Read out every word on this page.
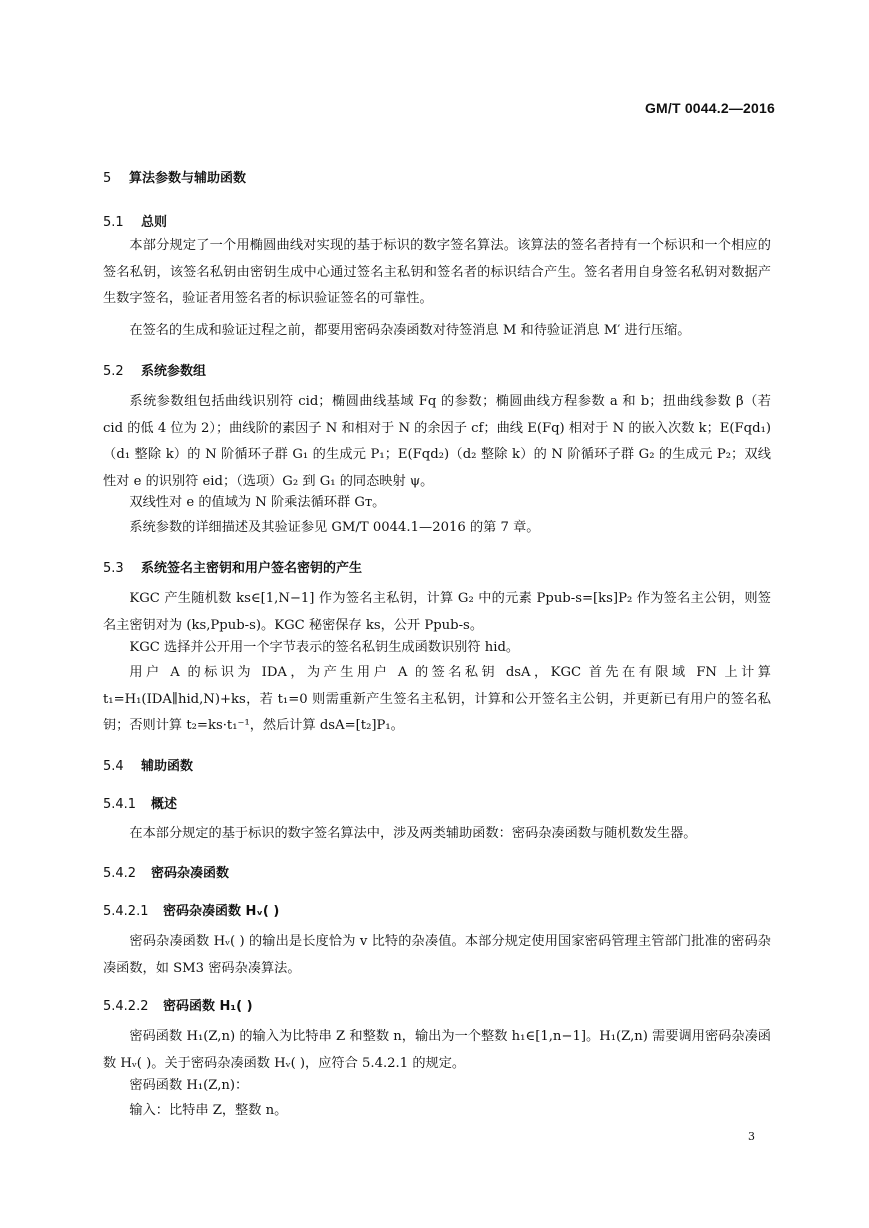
GM/T 0044.2—2016
5 算法参数与辅助函数
5.1 总则

本部分规定了一个用椭圆曲线对实现的基于标识的数字签名算法。该算法的签名者持有一个标识和一个相应的签名私钥，该签名私钥由密钥生成中心通过签名主私钥和签名者的标识结合产生。签名者用自身签名私钥对数据产生数字签名，验证者用签名者的标识验证签名的可靠性。

在签名的生成和验证过程之前，都要用密码杂凑函数对待签消息 M 和待验证消息 M′ 进行压缩。

5.2 系统参数组

系统参数组包括曲线识别符 cid；椭圆曲线基域 Fq 的参数；椭圆曲线方程参数 a 和 b；扭曲线参数 β（若 cid 的低 4 位为 2）；曲线阶的素因子 N 和相对于 N 的余因子 cf；曲线 E(Fq) 相对于 N 的嵌入次数 k；E(Fqd₁)（d₁ 整除 k）的 N 阶循环子群 G₁ 的生成元 P₁；E(Fqd₂)（d₂ 整除 k）的 N 阶循环子群 G₂ 的生成元 P₂；双线性对 e 的识别符 eid；（选项）G₂ 到 G₁ 的同态映射 ψ。

双线性对 e 的值域为 N 阶乘法循环群 Gᴛ。

系统参数的详细描述及其验证参见 GM/T 0044.1—2016 的第 7 章。

5.3 系统签名主密钥和用户签名密钥的产生

KGC 产生随机数 ks∈[1,N−1] 作为签名主私钥，计算 G₂ 中的元素 Ppub-s=[ks]P₂ 作为签名主公钥，则签名主密钥对为 (ks,Ppub-s)。KGC 秘密保存 ks，公开 Ppub-s。

KGC 选择并公开用一个字节表示的签名私钥生成函数识别符 hid。

用户 A 的标识为 IDA，为产生用户 A 的签名私钥 dsA，KGC 首先在有限域 FN 上计算 t₁=H₁(IDA∥hid,N)+ks，若 t₁=0 则需重新产生签名主私钥，计算和公开签名主公钥，并更新已有用户的签名私钥；否则计算 t₂=ks·t₁⁻¹，然后计算 dsA=[t₂]P₁。

5.4 辅助函数
5.4.1 概述

在本部分规定的基于标识的数字签名算法中，涉及两类辅助函数：密码杂凑函数与随机数发生器。

5.4.2 密码杂凑函数
5.4.2.1 密码杂凑函数 Hᵥ( )

密码杂凑函数 Hᵥ( ) 的输出是长度恰为 v 比特的杂凑值。本部分规定使用国家密码管理主管部门批准的密码杂凑函数，如 SM3 密码杂凑算法。

5.4.2.2 密码函数 H₁( )

密码函数 H₁(Z,n) 的输入为比特串 Z 和整数 n，输出为一个整数 h₁∈[1,n−1]。H₁(Z,n) 需要调用密码杂凑函数 Hᵥ( )。关于密码杂凑函数 Hᵥ( )，应符合 5.4.2.1 的规定。

密码函数 H₁(Z,n)：

输入：比特串 Z，整数 n。

3
